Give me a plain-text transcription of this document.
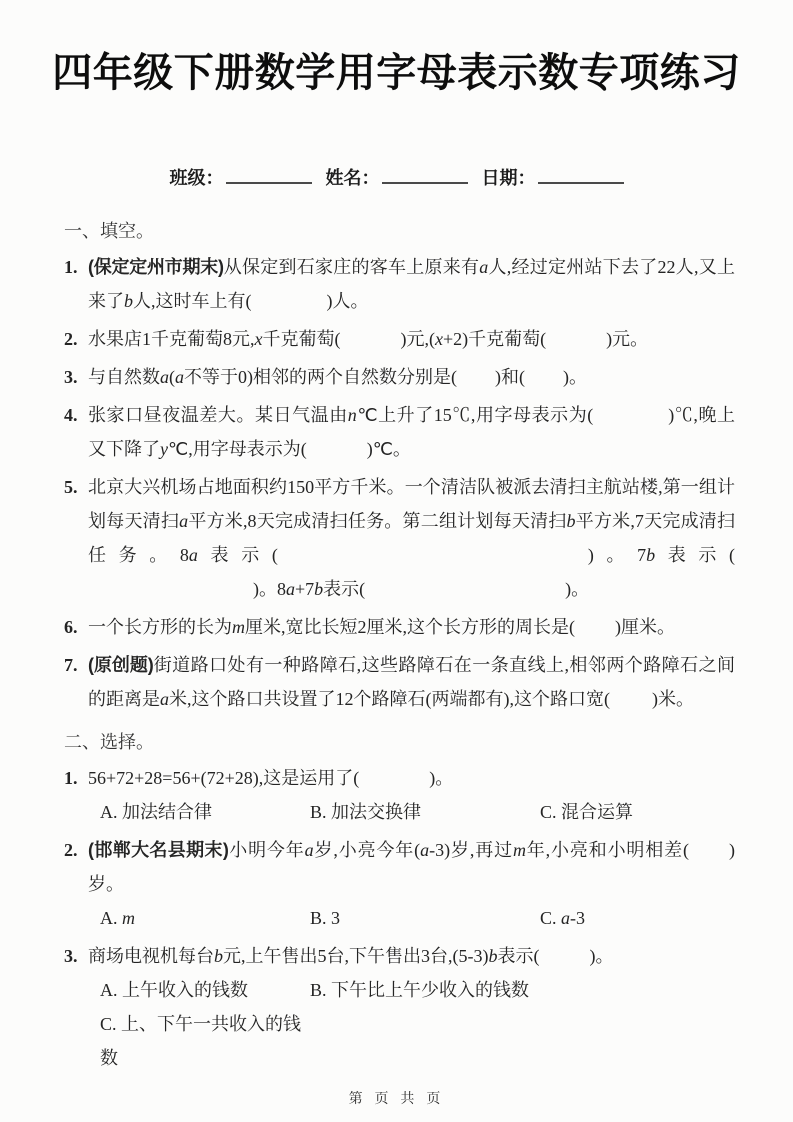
四年级下册数学用字母表示数专项练习
班级：	姓名：	日期：
一、填空。
1. (保定定州市期末)从保定到石家庄的客车上原来有a人,经过定州站下去了22人,又上来了b人,这时车上有(	)人。
2. 水果店1千克葡萄8元,x千克葡萄(	)元,(x+2)千克葡萄(	)元。
3. 与自然数a(a不等于0)相邻的两个自然数分别是( )和( )。
4. 张家口昼夜温差大。某日气温由n℃上升了15℃,用字母表示为(	)℃,晚上又下降了y℃,用字母表示为(	)℃。
5. 北京大兴机场占地面积约150平方千米。一个清洁队被派去清扫主航站楼,第一组计划每天清扫a平方米,8天完成清扫任务。第二组计划每天清扫b平方米,7天完成清扫任务。8a表示(	)。7b表示()。8a+7b表示(	)。
6. 一个长方形的长为m厘米,宽比长短2厘米,这个长方形的周长是( )厘米。
7. (原创题)街道路口处有一种路障石,这些路障石在一条直线上,相邻两个路障石之间的距离是a米,这个路口共设置了12个路障石(两端都有),这个路口宽( )米。
二、选择。
1. 56+72+28=56+(72+28),这是运用了(	)。
A. 加法结合律	B. 加法交换律	C. 混合运算
2. (邯郸大名县期末)小明今年a岁,小亮今年(a-3)岁,再过m年,小亮和小明相差( )岁。
A. m	B. 3	C. a-3
3. 商场电视机每台b元,上午售出5台,下午售出3台,(5-3)b表示(	)。
A. 上午收入的钱数	B. 下午比上午少收入的钱数
C. 上、下午一共收入的钱数
第 页 共 页
